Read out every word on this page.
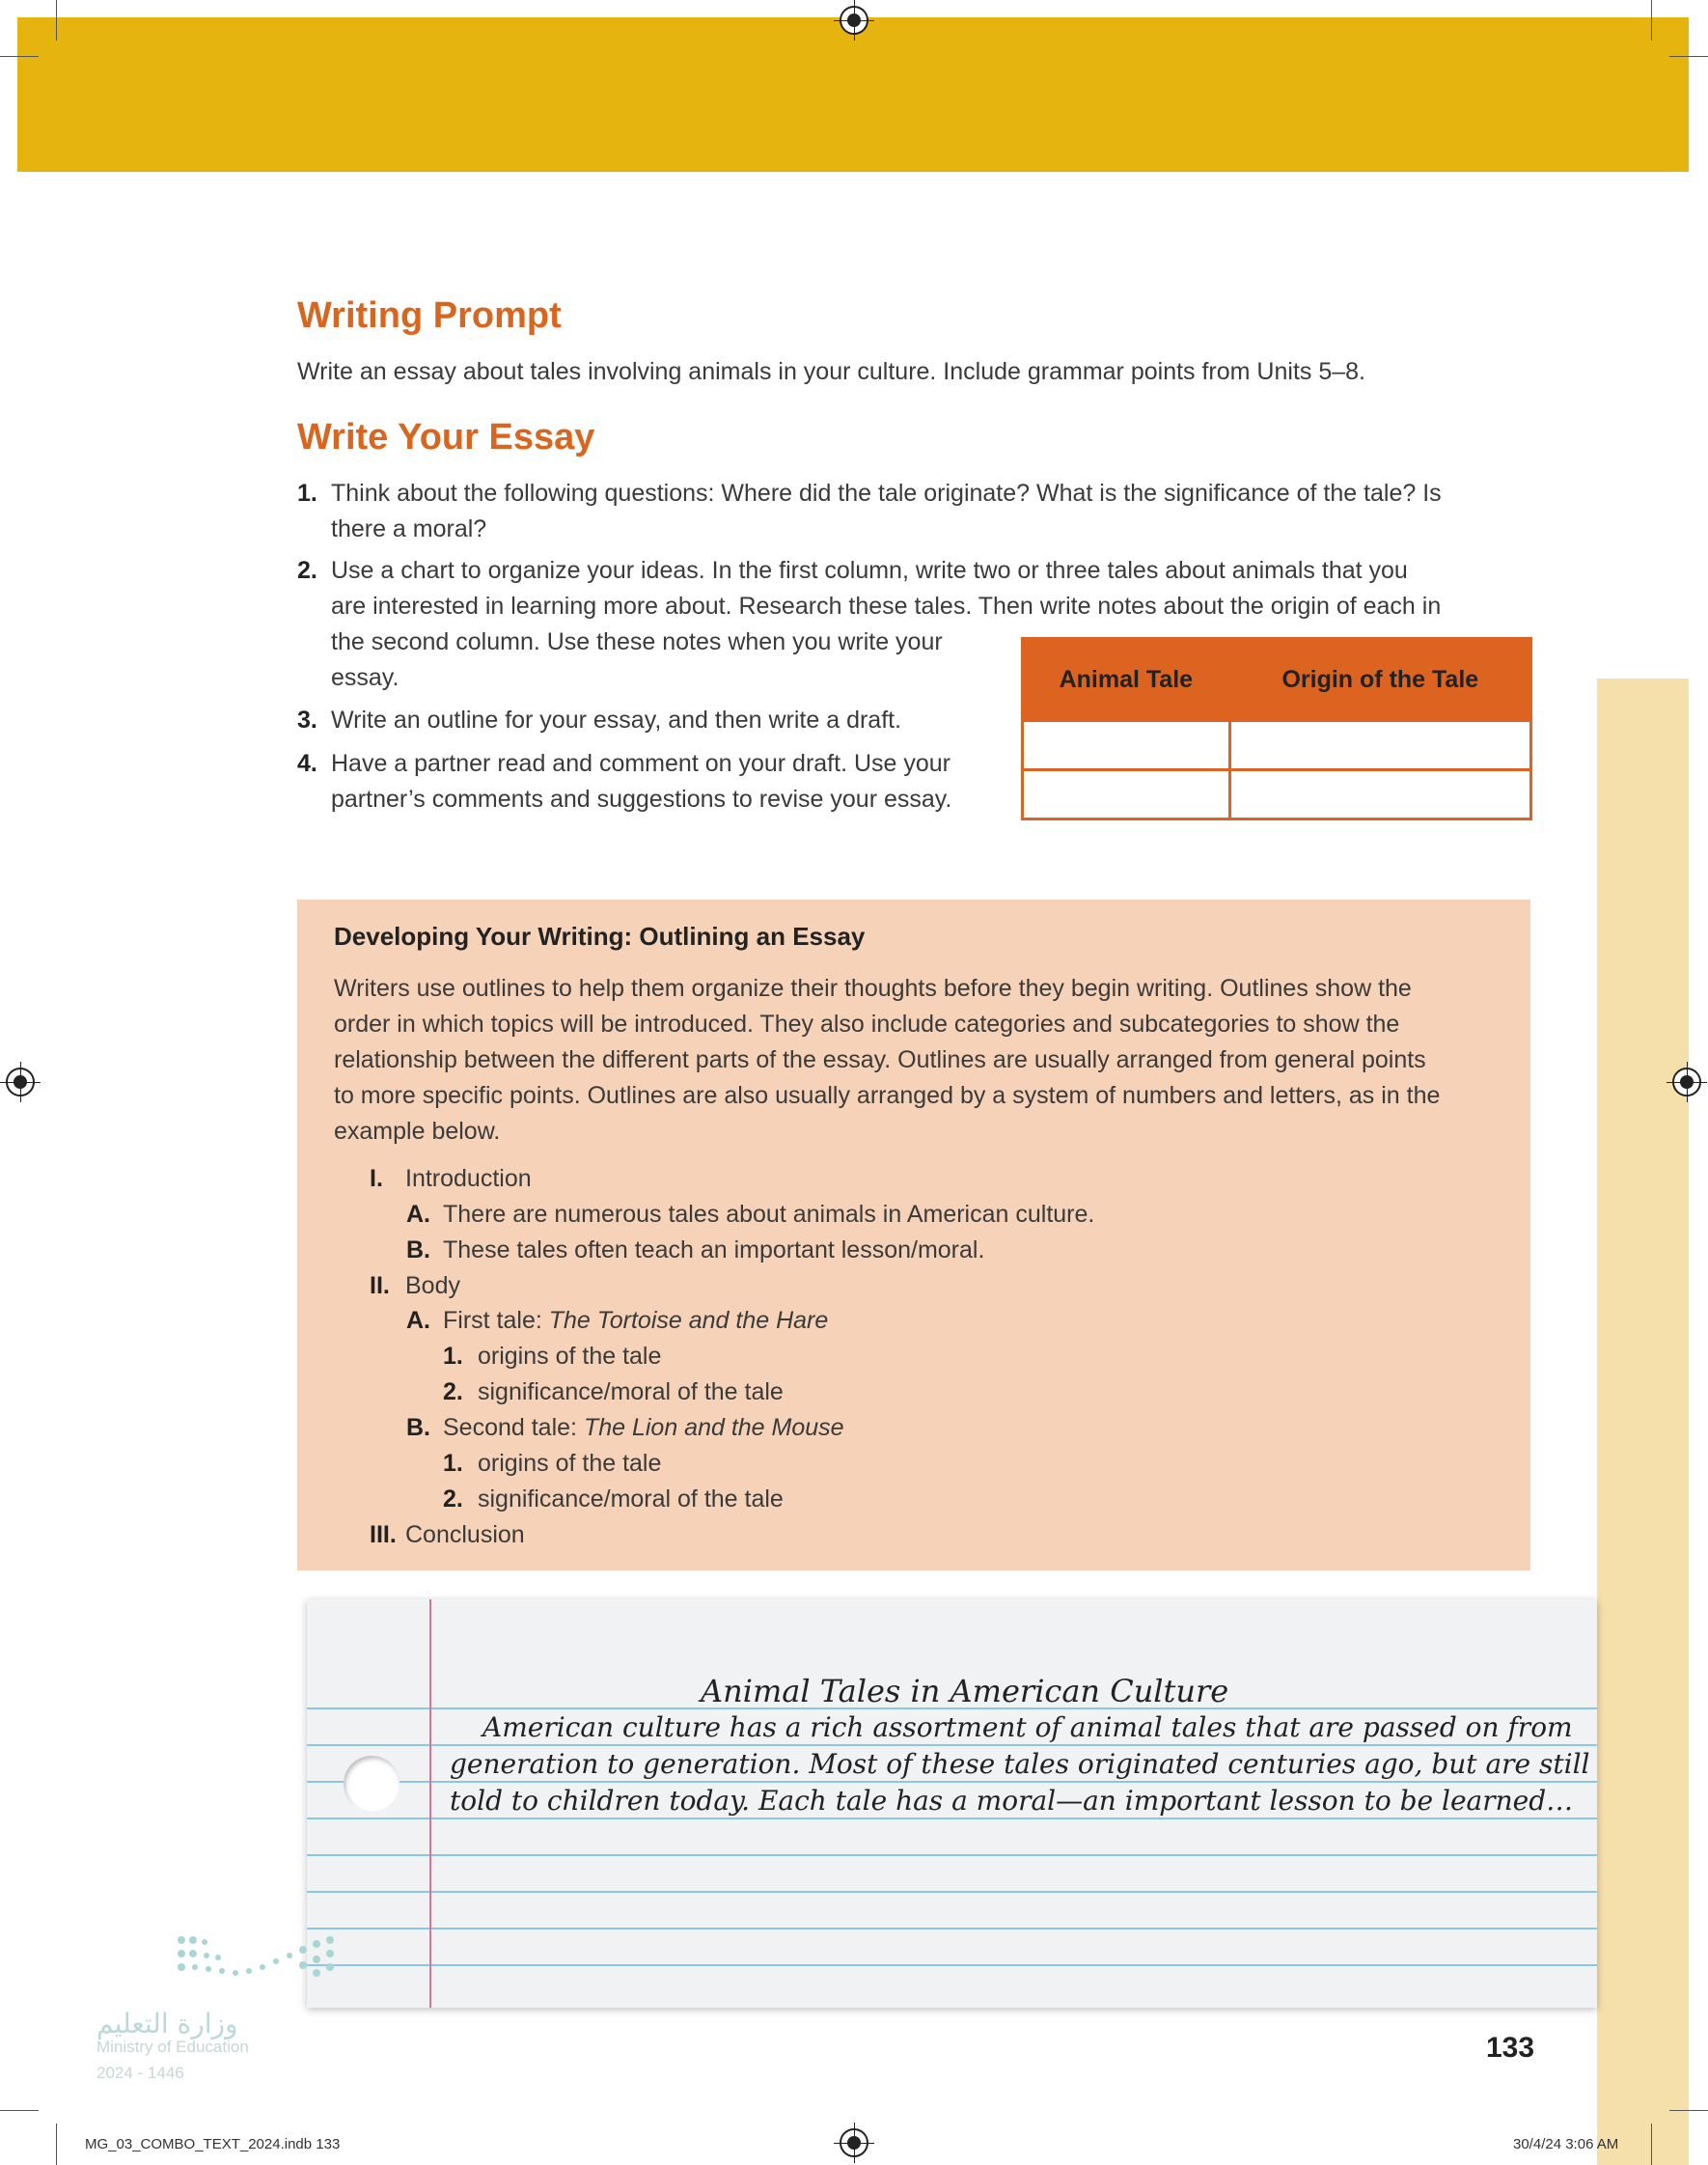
Writing Prompt
Write an essay about tales involving animals in your culture. Include grammar points from Units 5–8.
Write Your Essay
1. Think about the following questions: Where did the tale originate? What is the significance of the tale? Is
there a moral?
2. Use a chart to organize your ideas. In the first column, write two or three tales about animals that you
are interested in learning more about. Research these tales. Then write notes about the origin of each in
the second column. Use these notes when you write your
essay.
3. Write an outline for your essay, and then write a draft.
4. Have a partner read and comment on your draft. Use your
partner’s comments and suggestions to revise your essay.
Animal Tale	Origin of the Tale

Developing Your Writing: Outlining an Essay
Writers use outlines to help them organize their thoughts before they begin writing. Outlines show the
order in which topics will be introduced. They also include categories and subcategories to show the
relationship between the different parts of the essay. Outlines are usually arranged from general points
to more specific points. Outlines are also usually arranged by a system of numbers and letters, as in the
example below.
I. Introduction
A. There are numerous tales about animals in American culture.
B. These tales often teach an important lesson/moral.
II. Body
A. First tale: The Tortoise and the Hare
1. origins of the tale
2. significance/moral of the tale
B. Second tale: The Lion and the Mouse
1. origins of the tale
2. significance/moral of the tale
III. Conclusion
Animal Tales in American Culture
American culture has a rich assortment of animal tales that are passed on from
generation to generation. Most of these tales originated centuries ago, but are still
told to children today. Each tale has a moral—an important lesson to be learned…
وزارة التعليم
Ministry of Education
2024 - 1446
133
MG_03_COMBO_TEXT_2024.indb 133	30/4/24 3:06 AM
